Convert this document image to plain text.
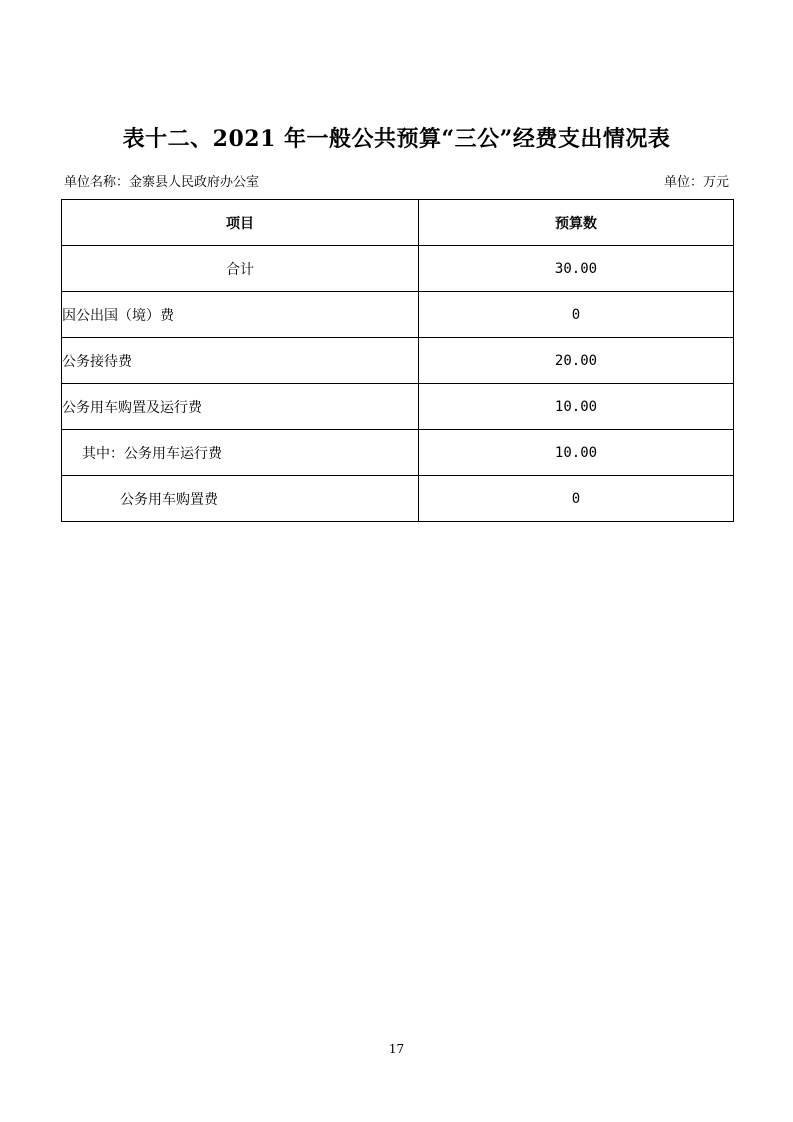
表十二、2021 年一般公共预算“三公”经费支出情况表
单位名称：金寨县人民政府办公室	单位：万元
项目	预算数
合计	30.00
因公出国（境）费	0
公务接待费	20.00
公务用车购置及运行费	10.00
其中：公务用车运行费	10.00
公务用车购置费	0
17
